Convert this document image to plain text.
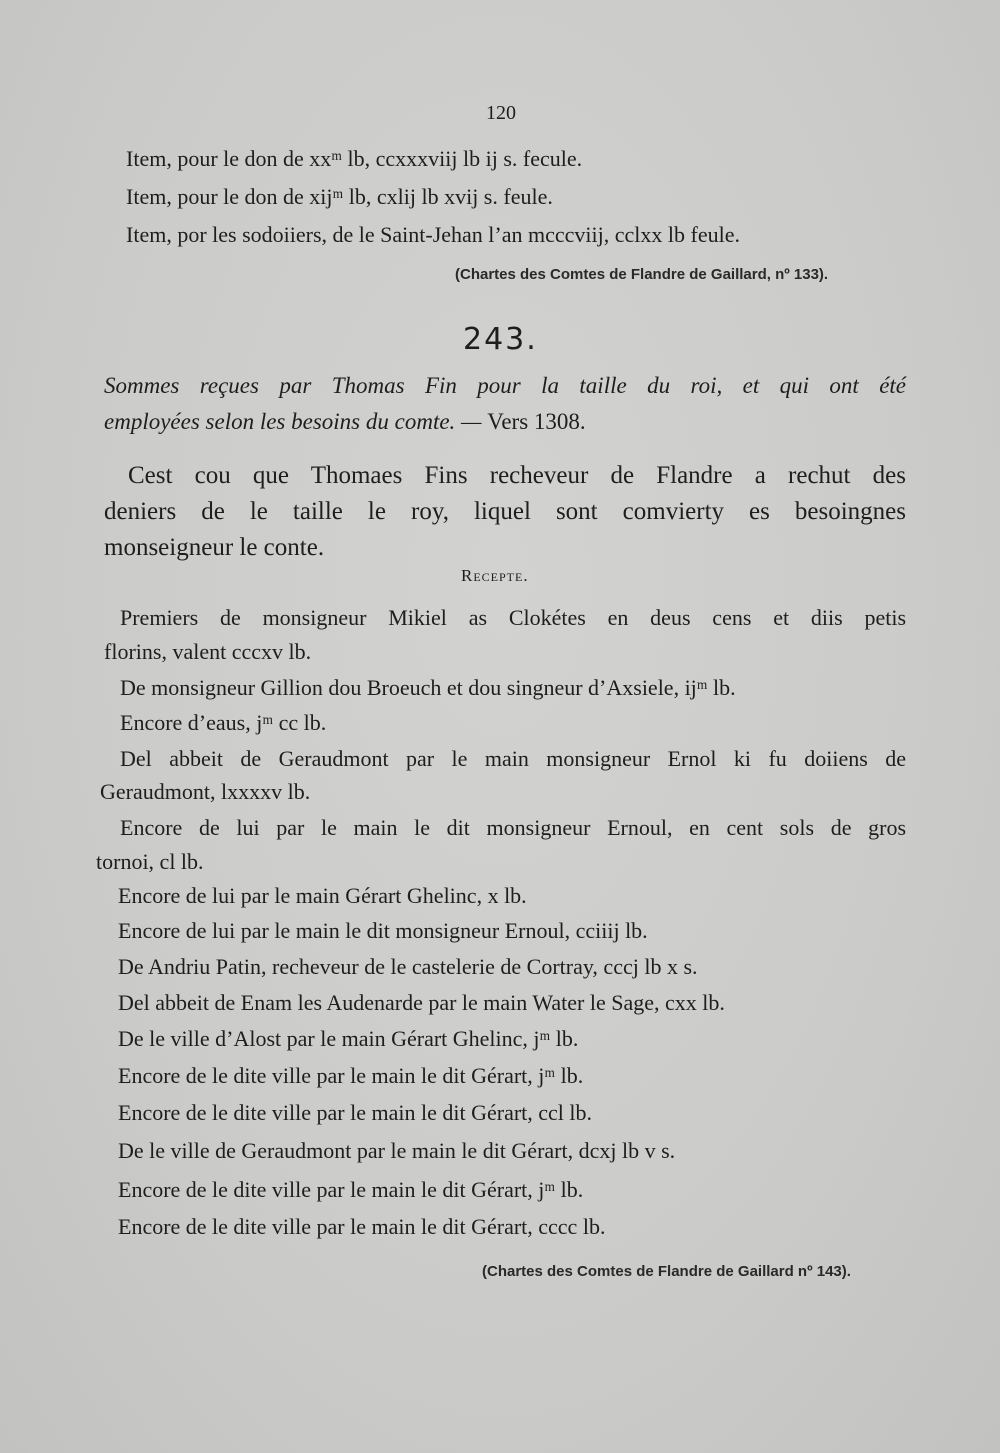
120
Item, pour le don de xxᵐ lb, ccxxxviij lb ij s. fecule.
Item, pour le don de xijᵐ lb, cxlij lb xvij s. feule.
Item, por les sodoiiers, de le Saint-Jehan l’an mcccviij, cclxx lb feule.
(Chartes des Comtes de Flandre de Gaillard, nº 133).
243.
Sommes reçues par Thomas Fin pour la taille du roi, et qui ont été
employées selon les besoins du comte. — Vers 1308.
Cest cou que Thomaes Fins recheveur de Flandre a rechut des
deniers de le taille le roy, liquel sont comvierty es besoingnes
monseigneur le conte.
Recepte.
Premiers de monsigneur Mikiel as Clokétes en deus cens et diis petis
florins, valent cccxv lb.
De monsigneur Gillion dou Broeuch et dou singneur d’Axsiele, ijᵐ lb.
Encore d’eaus, jᵐ cc lb.
Del abbeit de Geraudmont par le main monsigneur Ernol ki fu doiiens de
Geraudmont, lxxxxv lb.
Encore de lui par le main le dit monsigneur Ernoul, en cent sols de gros
tornoi, cl lb.
Encore de lui par le main Gérart Ghelinc, x lb.
Encore de lui par le main le dit monsigneur Ernoul, cciiij lb.
De Andriu Patin, recheveur de le castelerie de Cortray, cccj lb x s.
Del abbeit de Enam les Audenarde par le main Water le Sage, cxx lb.
De le ville d’Alost par le main Gérart Ghelinc, jᵐ lb.
Encore de le dite ville par le main le dit Gérart, jᵐ lb.
Encore de le dite ville par le main le dit Gérart, ccl lb.
De le ville de Geraudmont par le main le dit Gérart, dcxj lb v s.
Encore de le dite ville par le main le dit Gérart, jᵐ lb.
Encore de le dite ville par le main le dit Gérart, cccc lb.
(Chartes des Comtes de Flandre de Gaillard nº 143).
